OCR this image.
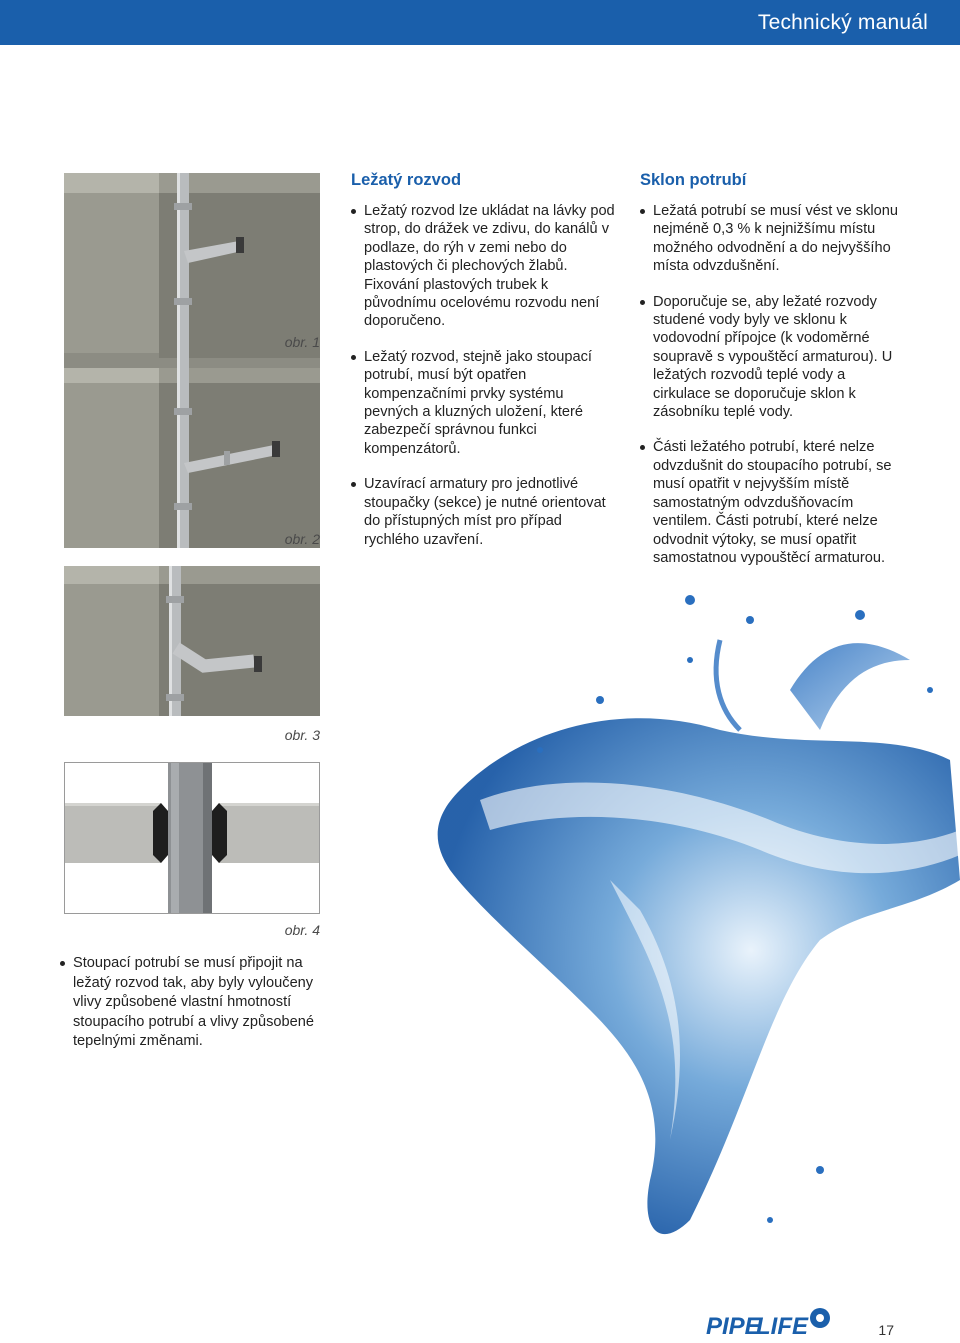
Technický manuál
obr. 1
obr. 2
obr. 3
obr. 4
Ležatý rozvod
Ležatý rozvod lze ukládat na lávky pod strop, do drážek ve zdivu, do kanálů v podlaze, do rýh v zemi nebo do plastových či plechových žlabů. Fixování plastových trubek k původnímu ocelovému rozvodu není doporučeno.
Ležatý rozvod, stejně jako stoupací potrubí, musí být opatřen kompenzačními prvky systému pevných a kluzných uložení, které zabezpečí správnou funkci kompenzátorů.
Uzavírací armatury pro jednotlivé stoupačky (sekce) je nutné orientovat do přístupných míst pro případ rychlého uzavření.
Sklon potrubí
Ležatá potrubí se musí vést ve sklonu nejméně 0,3 % k nejnižšímu místu možného odvodnění a do nejvyššího místa odvzdušnění.
Doporučuje se, aby ležaté rozvody studené vody byly ve sklonu k vodovodní přípojce (k vodoměrné soupravě s vypouštěcí armaturou). U ležatých rozvodů teplé vody a cirkulace se doporučuje sklon k zásobníku teplé vody.
Části ležatého potrubí, které nelze odvzdušnit do stoupacího potrubí, se musí opatřit v nejvyšším místě samostatným odvzdušňovacím ventilem. Části potrubí, které nelze odvodnit výtoky, se musí opatřit samostatnou vypouštěcí armaturou.
Stoupací potrubí se musí připojit na ležatý rozvod tak, aby byly vyloučeny vlivy způsobené vlastní hmotností stoupacího potrubí a vlivy způsobené tepelnými změnami.
PIPE
LIFE	17
